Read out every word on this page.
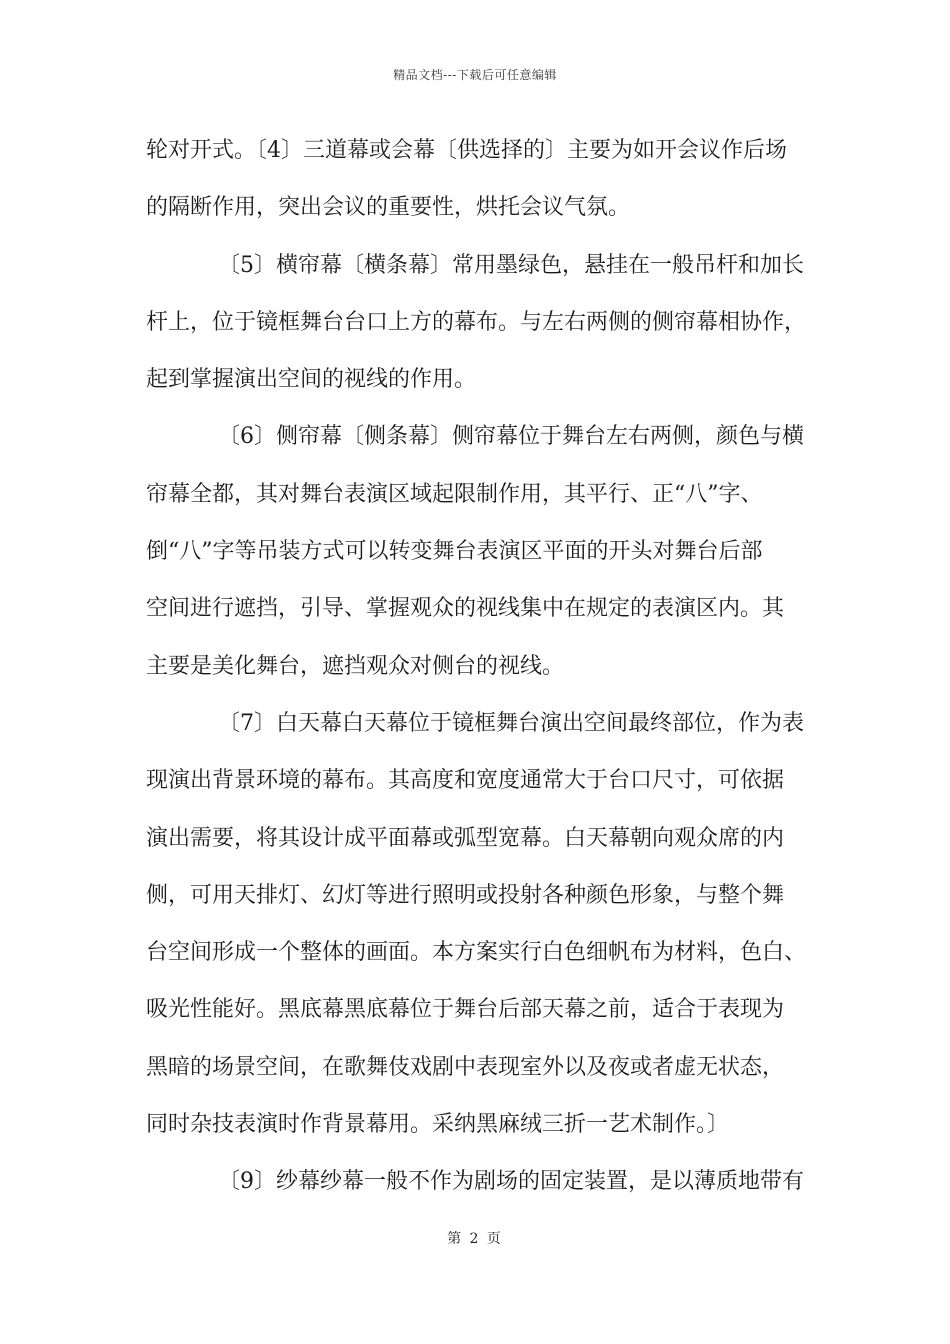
精品文档---下载后可任意编辑
轮对开式。〔4〕三道幕或会幕〔供选择的〕主要为如开会议作后场
的隔断作用，突出会议的重要性，烘托会议气氛。
〔5〕横帘幕〔横条幕〕常用墨绿色，悬挂在一般吊杆和加长
杆上，位于镜框舞台台口上方的幕布。与左右两侧的侧帘幕相协作，
起到掌握演出空间的视线的作用。
〔6〕侧帘幕〔侧条幕〕侧帘幕位于舞台左右两侧，颜色与横
帘幕全都，其对舞台表演区域起限制作用，其平行、正“八”字、
倒“八”字等吊装方式可以转变舞台表演区平面的开头对舞台后部
空间进行遮挡，引导、掌握观众的视线集中在规定的表演区内。其
主要是美化舞台，遮挡观众对侧台的视线。
〔7〕白天幕白天幕位于镜框舞台演出空间最终部位，作为表
现演出背景环境的幕布。其高度和宽度通常大于台口尺寸，可依据
演出需要，将其设计成平面幕或弧型宽幕。白天幕朝向观众席的内
侧，可用天排灯、幻灯等进行照明或投射各种颜色形象，与整个舞
台空间形成一个整体的画面。本方案实行白色细帆布为材料，色白、
吸光性能好。黑底幕黑底幕位于舞台后部天幕之前，适合于表现为
黑暗的场景空间，在歌舞伎戏剧中表现室外以及夜或者虚无状态，
同时杂技表演时作背景幕用。采纳黑麻绒三折一艺术制作。〕
〔9〕纱幕纱幕一般不作为剧场的固定装置，是以薄质地带有
第 2 页
